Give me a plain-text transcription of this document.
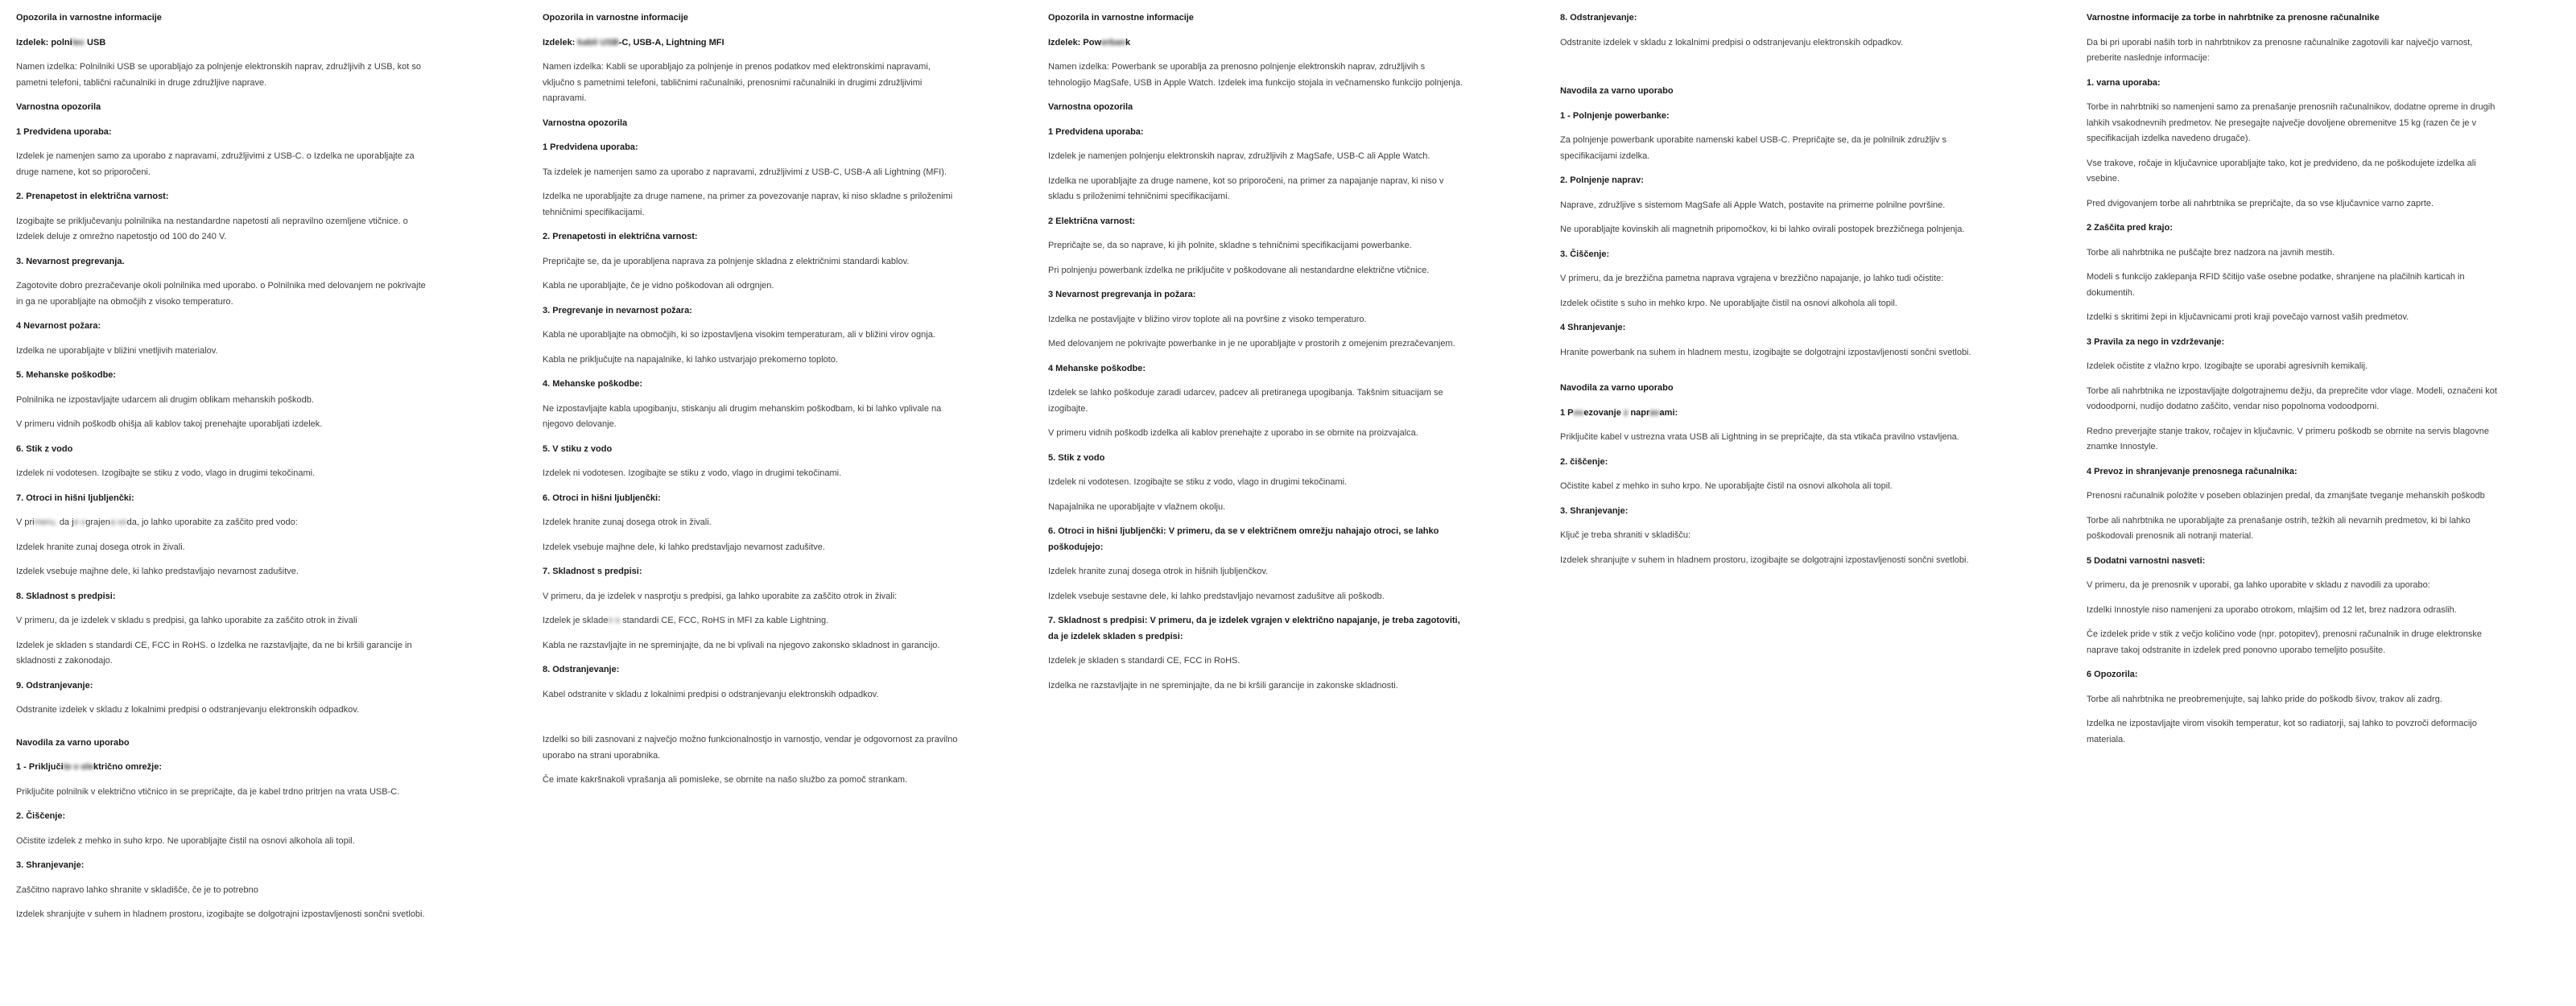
Opozorila in varnostne informacije
Izdelek: polnilec USB
Namen izdelka: Polnilniki USB se uporabljajo za polnjenje elektronskih naprav, združljivih z USB, kot so pametni telefoni, tablični računalniki in druge združljive naprave.
Varnostna opozorila
1 Predvidena uporaba:
Izdelek je namenjen samo za uporabo z napravami, združljivimi z USB-C. o Izdelka ne uporabljajte za druge namene, kot so priporočeni.
2. Prenapetost in električna varnost:
Izogibajte se priključevanju polnilnika na nestandardne napetosti ali nepravilno ozemljene vtičnice. o Izdelek deluje z omrežno napetostjo od 100 do 240 V.
3. Nevarnost pregrevanja.
Zagotovite dobro prezračevanje okoli polnilnika med uporabo. o Polnilnika med delovanjem ne pokrivajte in ga ne uporabljajte na območjih z visoko temperaturo.
4 Nevarnost požara:
Izdelka ne uporabljajte v bližini vnetljivih materialov.
5. Mehanske poškodbe:
Polnilnika ne izpostavljajte udarcem ali drugim oblikam mehanskih poškodb.
V primeru vidnih poškodb ohišja ali kablov takoj prenehajte uporabljati izdelek.
6. Stik z vodo
Izdelek ni vodotesen. Izogibajte se stiku z vodo, vlago in drugimi tekočinami.
7. Otroci in hišni ljubljenčki:
V primeru, da je vgrajena voda, jo lahko uporabite za zaščito pred vodo:
Izdelek hranite zunaj dosega otrok in živali.
Izdelek vsebuje majhne dele, ki lahko predstavljajo nevarnost zadušitve.
8. Skladnost s predpisi:
V primeru, da je izdelek v skladu s predpisi, ga lahko uporabite za zaščito otrok in živali
Izdelek je skladen s standardi CE, FCC in RoHS. o Izdelka ne razstavljajte, da ne bi kršili garancije in skladnosti z zakonodajo.
9. Odstranjevanje:
Odstranite izdelek v skladu z lokalnimi predpisi o odstranjevanju elektronskih odpadkov.
Navodila za varno uporabo
1 - Priključite v električno omrežje:
Priključite polnilnik v električno vtičnico in se prepričajte, da je kabel trdno pritrjen na vrata USB-C.
2. Čiščenje:
Očistite izdelek z mehko in suho krpo. Ne uporabljajte čistil na osnovi alkohola ali topil.
3. Shranjevanje:
Zaščitno napravo lahko shranite v skladišče, če je to potrebno
Izdelek shranjujte v suhem in hladnem prostoru, izogibajte se dolgotrajni izpostavljenosti sončni svetlobi.
Opozorila in varnostne informacije
Izdelek: kabli USB-C, USB-A, Lightning MFI
Namen izdelka: Kabli se uporabljajo za polnjenje in prenos podatkov med elektronskimi napravami, vključno s pametnimi telefoni, tabličnimi računalniki, prenosnimi računalniki in drugimi združljivimi napravami.
Varnostna opozorila
1 Predvidena uporaba:
Ta izdelek je namenjen samo za uporabo z napravami, združljivimi z USB-C, USB-A ali Lightning (MFI).
Izdelka ne uporabljajte za druge namene, na primer za povezovanje naprav, ki niso skladne s priloženimi tehničnimi specifikacijami.
2. Prenapetosti in električna varnost:
Prepričajte se, da je uporabljena naprava za polnjenje skladna z električnimi standardi kablov.
Kabla ne uporabljajte, če je vidno poškodovan ali odrgnjen.
3. Pregrevanje in nevarnost požara:
Kabla ne uporabljajte na območjih, ki so izpostavljena visokim temperaturam, ali v bližini virov ognja.
Kabla ne priključujte na napajalnike, ki lahko ustvarjajo prekomerno toploto.
4. Mehanske poškodbe:
Ne izpostavljajte kabla upogibanju, stiskanju ali drugim mehanskim poškodbam, ki bi lahko vplivale na njegovo delovanje.
5. V stiku z vodo
Izdelek ni vodotesen. Izogibajte se stiku z vodo, vlago in drugimi tekočinami.
6. Otroci in hišni ljubljenčki:
Izdelek hranite zunaj dosega otrok in živali.
Izdelek vsebuje majhne dele, ki lahko predstavljajo nevarnost zadušitve.
7. Skladnost s predpisi:
V primeru, da je izdelek v nasprotju s predpisi, ga lahko uporabite za zaščito otrok in živali:
Izdelek je skladen s standardi CE, FCC, RoHS in MFI za kable Lightning.
Kabla ne razstavljajte in ne spreminjajte, da ne bi vplivali na njegovo zakonsko skladnost in garancijo.
8. Odstranjevanje:
Kabel odstranite v skladu z lokalnimi predpisi o odstranjevanju elektronskih odpadkov.
Izdelki so bili zasnovani z največjo možno funkcionalnostjo in varnostjo, vendar je odgovornost za pravilno uporabo na strani uporabnika.
Če imate kakršnakoli vprašanja ali pomisleke, se obrnite na našo službo za pomoč strankam.
Opozorila in varnostne informacije
Izdelek: Powerbank
Namen izdelka: Powerbank se uporablja za prenosno polnjenje elektronskih naprav, združljivih s tehnologijo MagSafe, USB in Apple Watch. Izdelek ima funkcijo stojala in večnamensko funkcijo polnjenja.
Varnostna opozorila
1 Predvidena uporaba:
Izdelek je namenjen polnjenju elektronskih naprav, združljivih z MagSafe, USB-C ali Apple Watch.
Izdelka ne uporabljajte za druge namene, kot so priporočeni, na primer za napajanje naprav, ki niso v skladu s priloženimi tehničnimi specifikacijami.
2 Električna varnost:
Prepričajte se, da so naprave, ki jih polnite, skladne s tehničnimi specifikacijami powerbanke.
Pri polnjenju powerbank izdelka ne priključite v poškodovane ali nestandardne električne vtičnice.
3 Nevarnost pregrevanja in požara:
Izdelka ne postavljajte v bližino virov toplote ali na površine z visoko temperaturo.
Med delovanjem ne pokrivajte powerbanke in je ne uporabljajte v prostorih z omejenim prezračevanjem.
4 Mehanske poškodbe:
Izdelek se lahko poškoduje zaradi udarcev, padcev ali pretiranega upogibanja. Takšnim situacijam se izogibajte.
V primeru vidnih poškodb izdelka ali kablov prenehajte z uporabo in se obrnite na proizvajalca.
5. Stik z vodo
Izdelek ni vodotesen. Izogibajte se stiku z vodo, vlago in drugimi tekočinami.
Napajalnika ne uporabljajte v vlažnem okolju.
6. Otroci in hišni ljubljenčki: V primeru, da se v električnem omrežju nahajajo otroci, se lahko poškodujejo:
Izdelek hranite zunaj dosega otrok in hišnih ljubljenčkov.
Izdelek vsebuje sestavne dele, ki lahko predstavljajo nevarnost zadušitve ali poškodb.
7. Skladnost s predpisi: V primeru, da je izdelek vgrajen v električno napajanje, je treba zagotoviti, da je izdelek skladen s predpisi:
Izdelek je skladen s standardi CE, FCC in RoHS.
Izdelka ne razstavljajte in ne spreminjajte, da ne bi kršili garancije in zakonske skladnosti.
8. Odstranjevanje:
Odstranite izdelek v skladu z lokalnimi predpisi o odstranjevanju elektronskih odpadkov.
Navodila za varno uporabo
1 - Polnjenje powerbanke:
Za polnjenje powerbank uporabite namenski kabel USB-C. Prepričajte se, da je polnilnik združljiv s specifikacijami izdelka.
2. Polnjenje naprav:
Naprave, združljive s sistemom MagSafe ali Apple Watch, postavite na primerne polnilne površine.
Ne uporabljajte kovinskih ali magnetnih pripomočkov, ki bi lahko ovirali postopek brezžičnega polnjenja.
3. Čiščenje:
V primeru, da je brezžična pametna naprava vgrajena v brezžično napajanje, jo lahko tudi očistite:
Izdelek očistite s suho in mehko krpo. Ne uporabljajte čistil na osnovi alkohola ali topil.
4 Shranjevanje:
Hranite powerbank na suhem in hladnem mestu, izogibajte se dolgotrajni izpostavljenosti sončni svetlobi.
Navodila za varno uporabo
1 Povezovanje z napravami:
Priključite kabel v ustrezna vrata USB ali Lightning in se prepričajte, da sta vtikača pravilno vstavljena.
2. čiščenje:
Očistite kabel z mehko in suho krpo. Ne uporabljajte čistil na osnovi alkohola ali topil.
3. Shranjevanje:
Ključ je treba shraniti v skladišču:
Izdelek shranjujte v suhem in hladnem prostoru, izogibajte se dolgotrajni izpostavljenosti sončni svetlobi.
Varnostne informacije za torbe in nahrbtnike za prenosne računalnike
Da bi pri uporabi naših torb in nahrbtnikov za prenosne računalnike zagotovili kar največjo varnost, preberite naslednje informacije:
1. varna uporaba:
Torbe in nahrbtniki so namenjeni samo za prenašanje prenosnih računalnikov, dodatne opreme in drugih lahkih vsakodnevnih predmetov. Ne presegajte največje dovoljene obremenitve 15 kg (razen če je v specifikacijah izdelka navedeno drugače).
Vse trakove, ročaje in ključavnice uporabljajte tako, kot je predvideno, da ne poškodujete izdelka ali vsebine.
Pred dvigovanjem torbe ali nahrbtnika se prepričajte, da so vse ključavnice varno zaprte.
2 Zaščita pred krajo:
Torbe ali nahrbtnika ne puščajte brez nadzora na javnih mestih.
Modeli s funkcijo zaklepanja RFID ščitijo vaše osebne podatke, shranjene na plačilnih karticah in dokumentih.
Izdelki s skritimi žepi in ključavnicami proti kraji povečajo varnost vaših predmetov.
3 Pravila za nego in vzdrževanje:
Izdelek očistite z vlažno krpo. Izogibajte se uporabi agresivnih kemikalij.
Torbe ali nahrbtnika ne izpostavljajte dolgotrajnemu dežju, da preprečite vdor vlage. Modeli, označeni kot vodoodporni, nudijo dodatno zaščito, vendar niso popolnoma vodoodporni.
Redno preverjajte stanje trakov, ročajev in ključavnic. V primeru poškodb se obrnite na servis blagovne znamke Innostyle.
4 Prevoz in shranjevanje prenosnega računalnika:
Prenosni računalnik položite v poseben oblazinjen predal, da zmanjšate tveganje mehanskih poškodb
Torbe ali nahrbtnika ne uporabljajte za prenašanje ostrih, težkih ali nevarnih predmetov, ki bi lahko poškodovali prenosnik ali notranji material.
5 Dodatni varnostni nasveti:
V primeru, da je prenosnik v uporabi, ga lahko uporabite v skladu z navodili za uporabo:
Izdelki Innostyle niso namenjeni za uporabo otrokom, mlajšim od 12 let, brez nadzora odraslih.
Če izdelek pride v stik z večjo količino vode (npr. potopitev), prenosni računalnik in druge elektronske naprave takoj odstranite in izdelek pred ponovno uporabo temeljito posušite.
6 Opozorila:
Torbe ali nahrbtnika ne preobremenjujte, saj lahko pride do poškodb šivov, trakov ali zadrg.
Izdelka ne izpostavljajte virom visokih temperatur, kot so radiatorji, saj lahko to povzroči deformacijo materiala.
